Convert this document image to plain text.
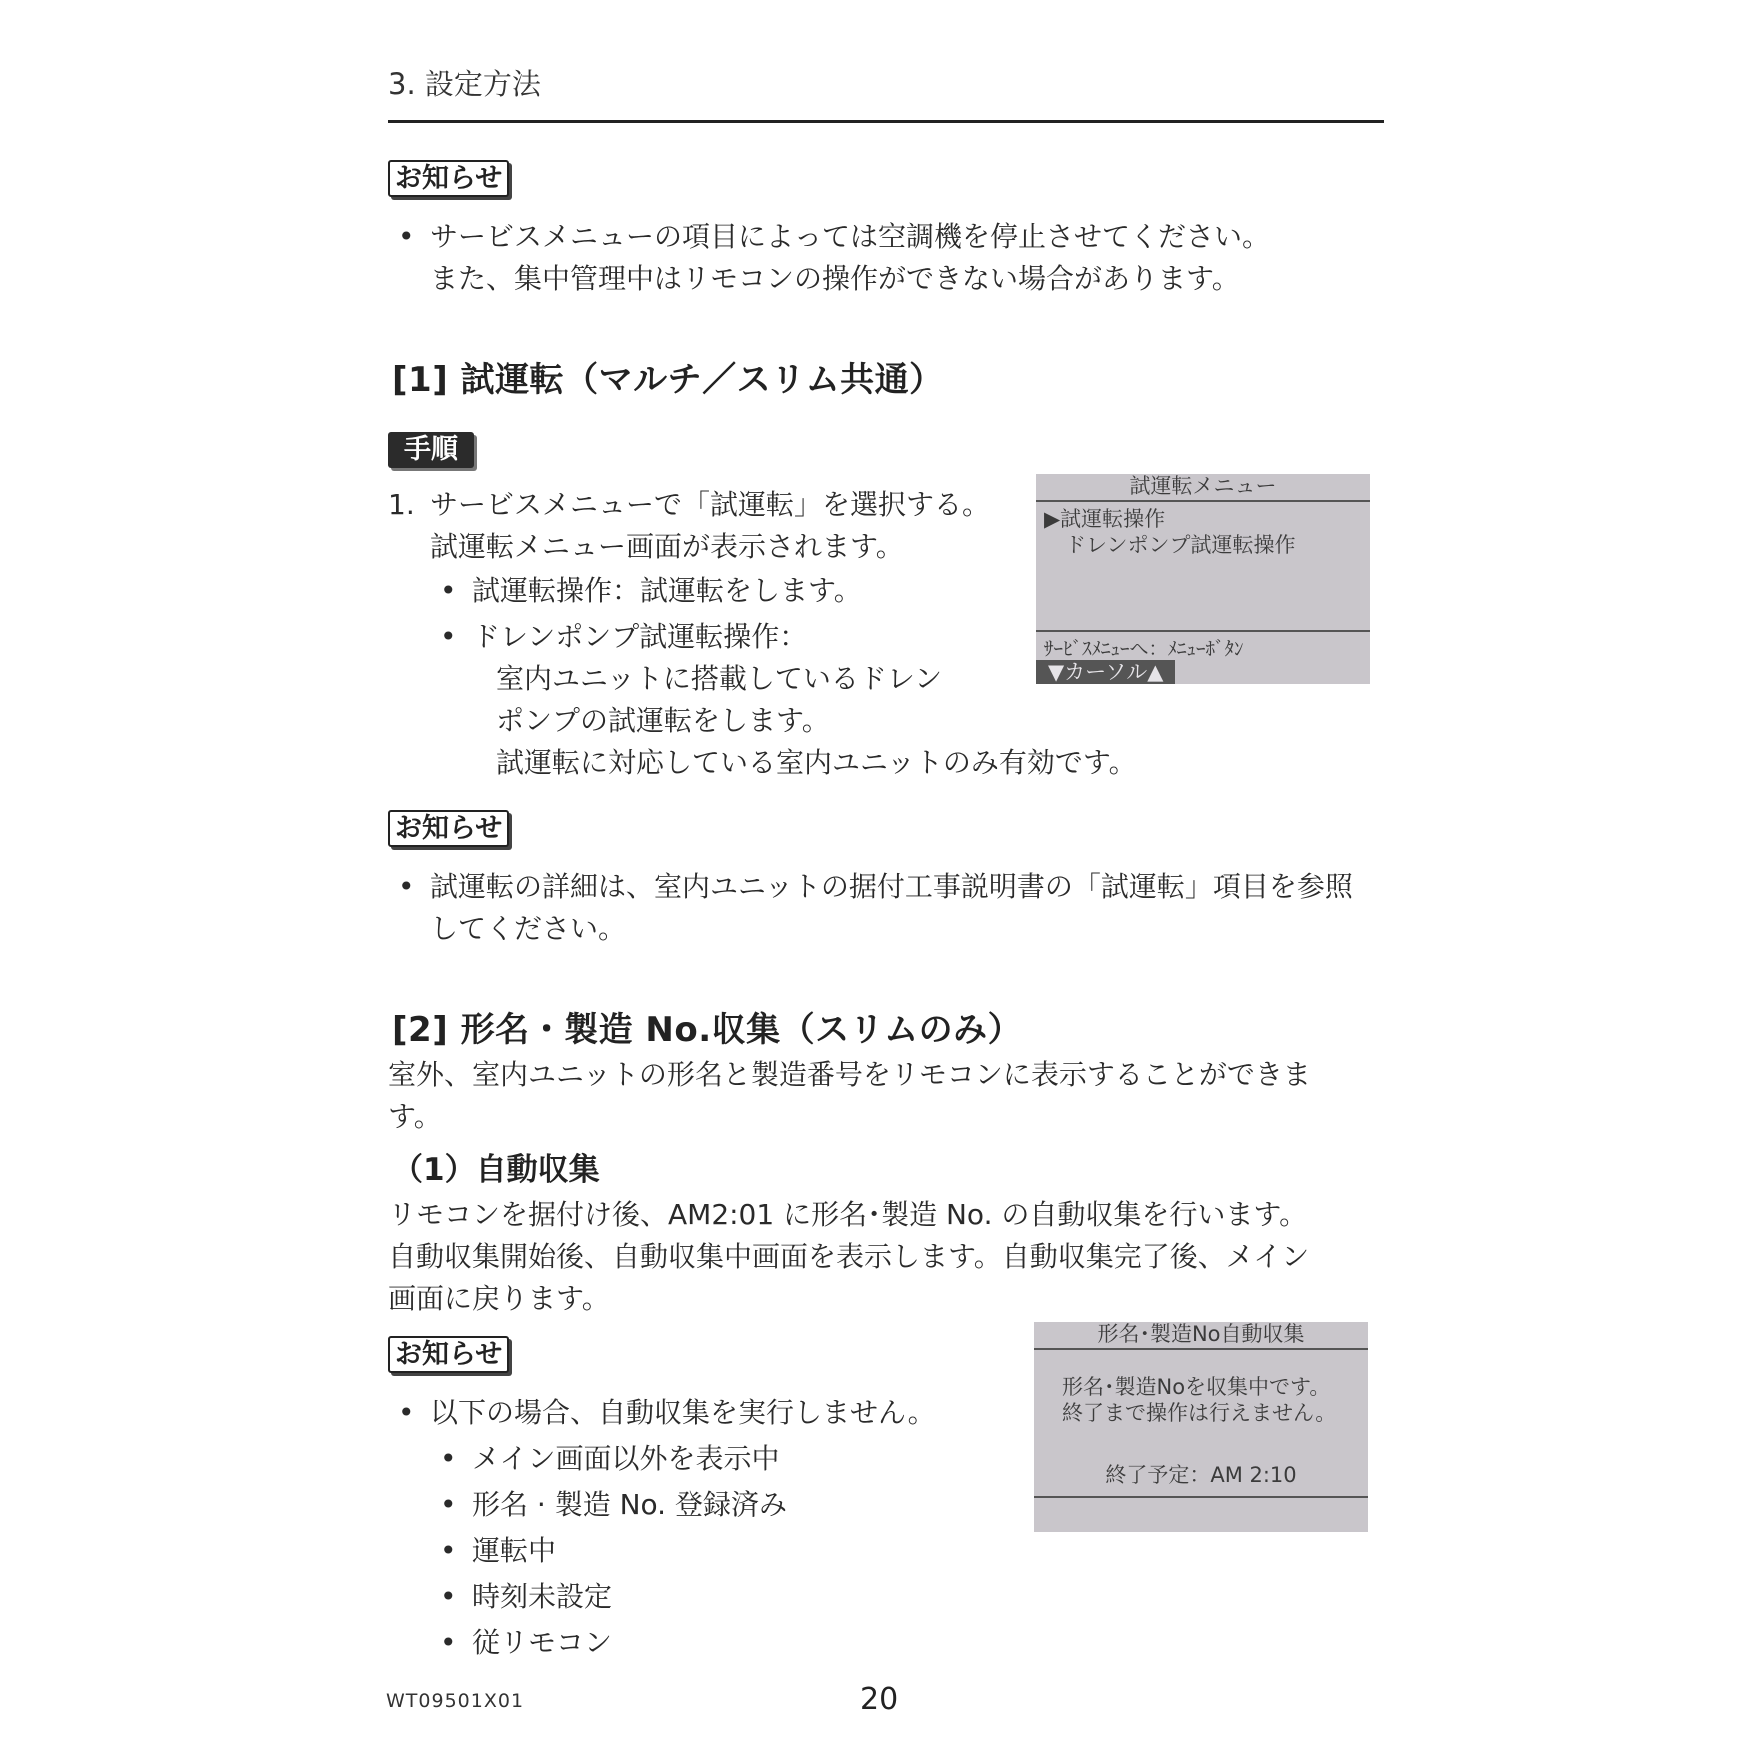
3. 設定方法
お知らせ
• サービスメニューの項目によっては空調機を停止させてください。
また、集中管理中はリモコンの操作ができない場合があります。
[1] 試運転（マルチ／スリム共通）
手順
1. サービスメニューで「試運転」を選択する。
試運転メニュー画面が表示されます。
• 試運転操作：試運転をします。
• ドレンポンプ試運転操作：
室内ユニットに搭載しているドレン
ポンプの試運転をします。
試運転に対応している室内ユニットのみ有効です。
試運転メニュー
▶試運転操作
　ドレンポンプ試運転操作
ｻｰﾋﾞｽﾒﾆｭｰへ：ﾒﾆｭｰﾎﾞﾀﾝ
▼カーソル▲
お知らせ
• 試運転の詳細は、室内ユニットの据付工事説明書の「試運転」項目を参照
してください。
[2] 形名・製造 No.収集（スリムのみ）
室外、室内ユニットの形名と製造番号をリモコンに表示することができま
す。
（1）自動収集
リモコンを据付け後、AM2:01 に形名･製造 No. の自動収集を行います。
自動収集開始後、自動収集中画面を表示します。自動収集完了後、メイン
画面に戻ります。
形名･製造No自動収集
形名･製造Noを収集中です。
終了まで操作は行えません。
終了予定：AM 2:10
お知らせ
• 以下の場合、自動収集を実行しません。
• メイン画面以外を表示中
• 形名 · 製造 No. 登録済み
• 運転中
• 時刻未設定
• 従リモコン
WT09501X01	20
